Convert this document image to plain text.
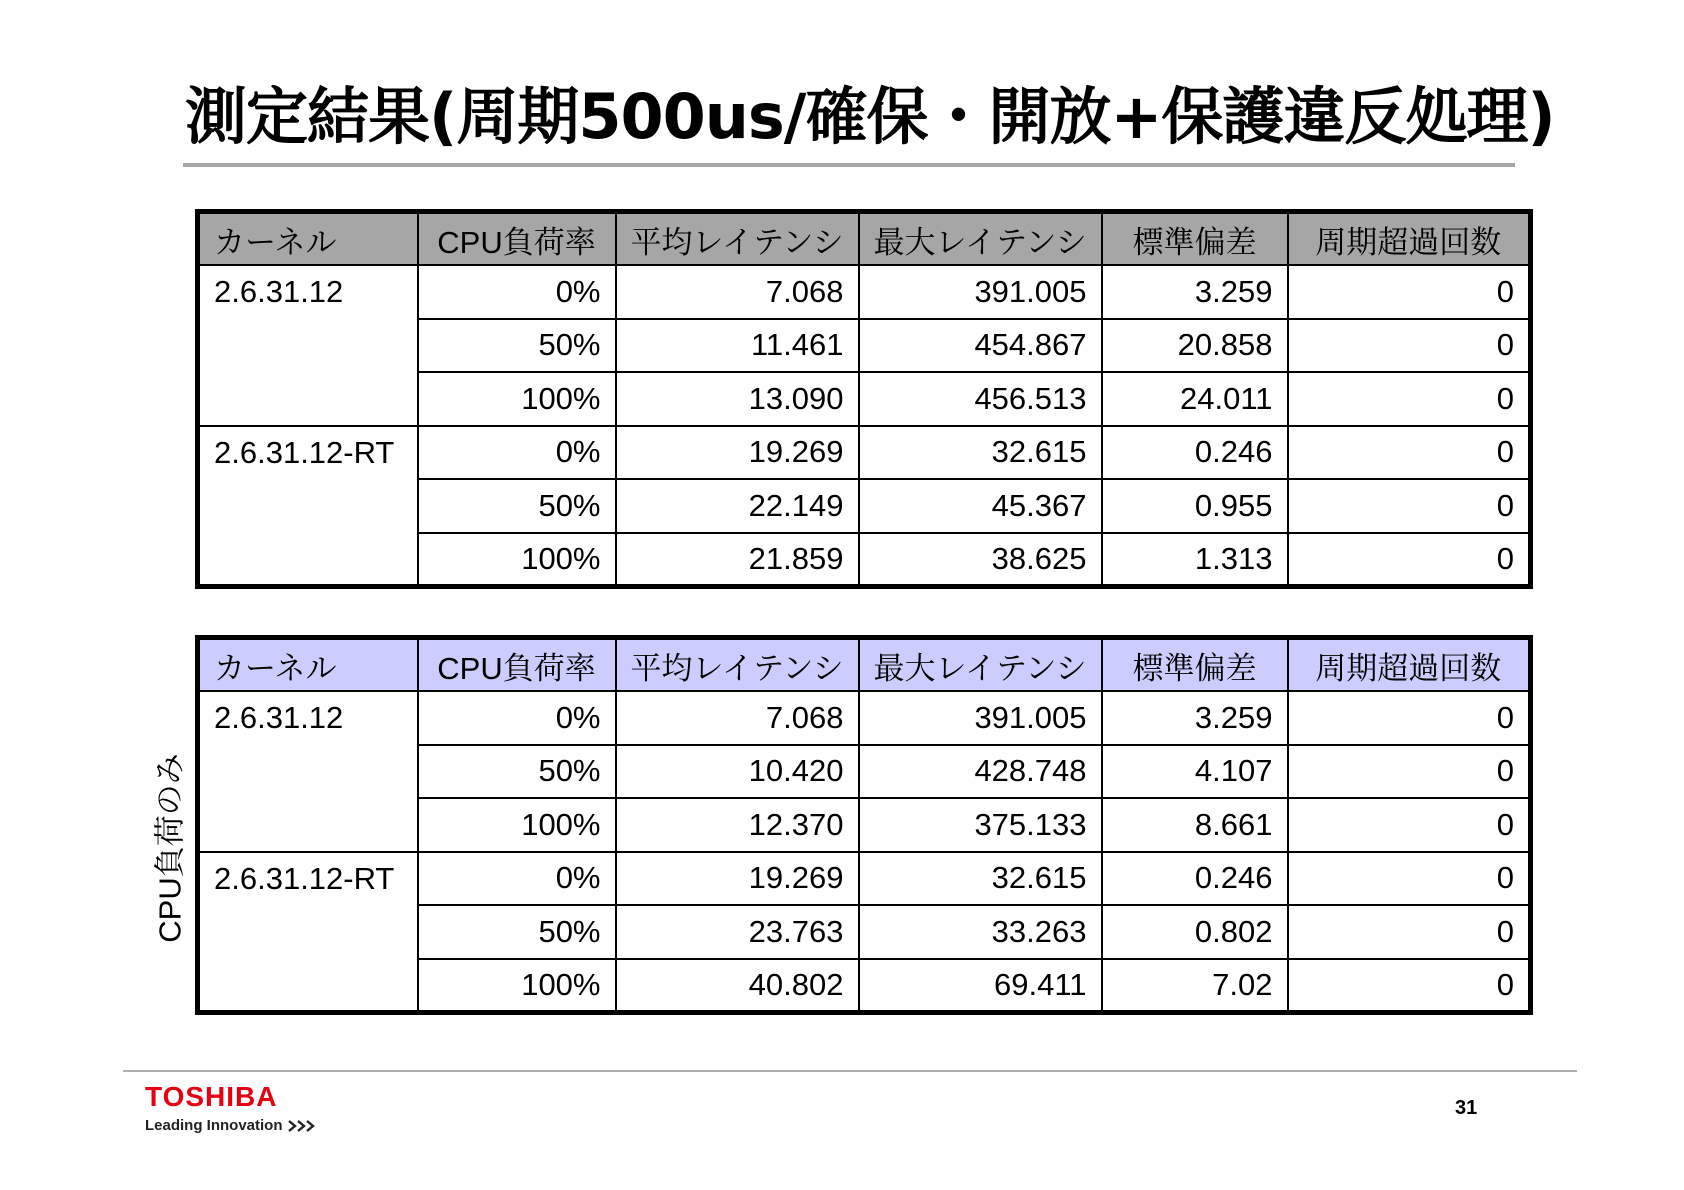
測定結果(周期500us/確保・開放+保護違反処理)
カーネル	CPU負荷率	平均レイテンシ	最大レイテンシ	標準偏差	周期超過回数
2.6.31.12	0%	7.068	391.005	3.259	0
	50%	11.461	454.867	20.858	0
	100%	13.090	456.513	24.011	0
2.6.31.12-RT	0%	19.269	32.615	0.246	0
	50%	22.149	45.367	0.955	0
	100%	21.859	38.625	1.313	0
CPU負荷のみ
カーネル	CPU負荷率	平均レイテンシ	最大レイテンシ	標準偏差	周期超過回数
2.6.31.12	0%	7.068	391.005	3.259	0
	50%	10.420	428.748	4.107	0
	100%	12.370	375.133	8.661	0
2.6.31.12-RT	0%	19.269	32.615	0.246	0
	50%	23.763	33.263	0.802	0
	100%	40.802	69.411	7.02	0
TOSHIBA
Leading Innovation
31
